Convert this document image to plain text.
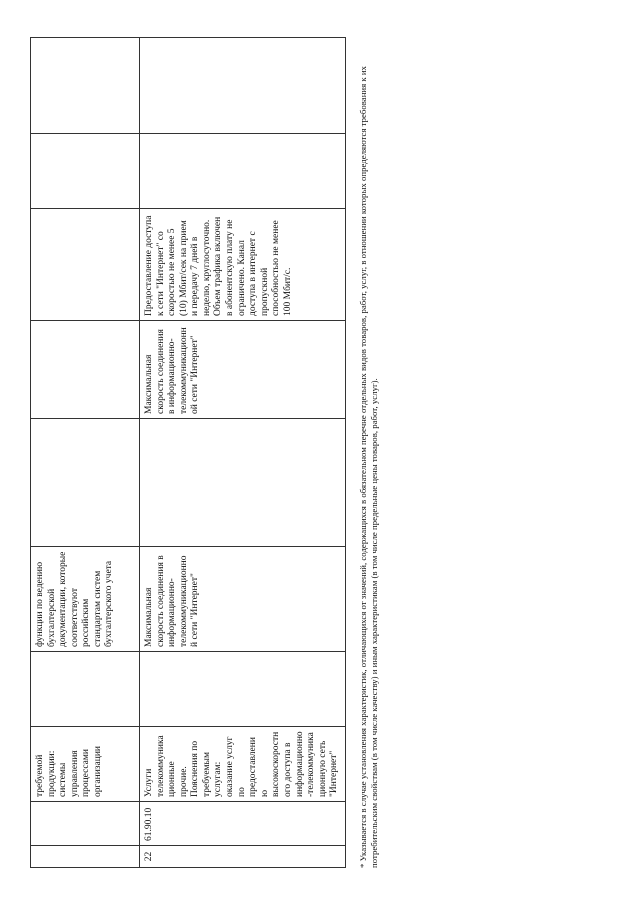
		требуемой продукции: системы управления процессами организации		функции по ведению бухгалтерской документации, которые соответствуют российским стандартам систем бухгалтерского учета					
22	61.90.10	Услуги телекоммуникационные прочие. Пояснения по требуемым услугам: оказание услуг по предоставлению высокоскоростного доступа в информационно-телекоммуникационную сеть "Интернет"		Максимальная скорость соединения в информационно-телекоммуникационной сети "Интернет"		Максимальная скорость соединения в информационно-телекоммуникационной сети "Интернет"	Предоставление доступа к сети "Интернет" со скоростью не менее 5 (10) Мбит/сек на прием и передачу 7 дней в неделю, круглосуточно. Объем трафика включен в абонентскую плату не ограничено. Канал доступа в интернет с пропускной способностью не менее 100 Мбит/с.			* Указывается в случае установления характеристик, отличающихся от значений, содержащихся в обязательном перечне отдельных видов товаров, работ, услуг, в отношении которых определяются требования к их потребительским свойствам (в том числе качеству) и иным характеристикам (в том числе предельные цены товаров, работ, услуг).
